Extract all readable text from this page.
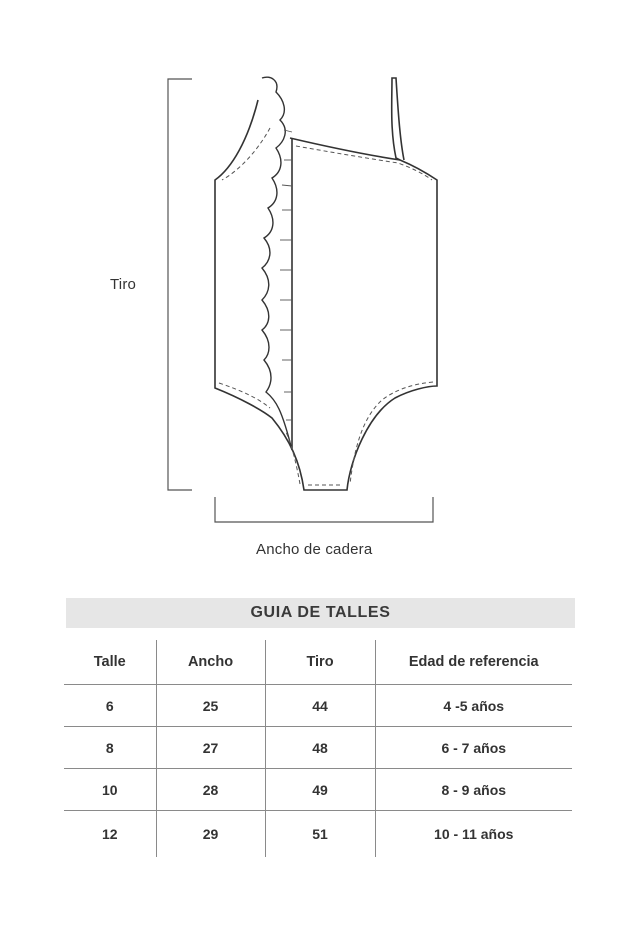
Tiro
Ancho de cadera
GUIA DE TALLES
Talle	Ancho	Tiro	Edad de referencia
6	25	44	4 -5 años
8	27	48	6 - 7 años
10	28	49	8 - 9 años
12	29	51	10 - 11 años
